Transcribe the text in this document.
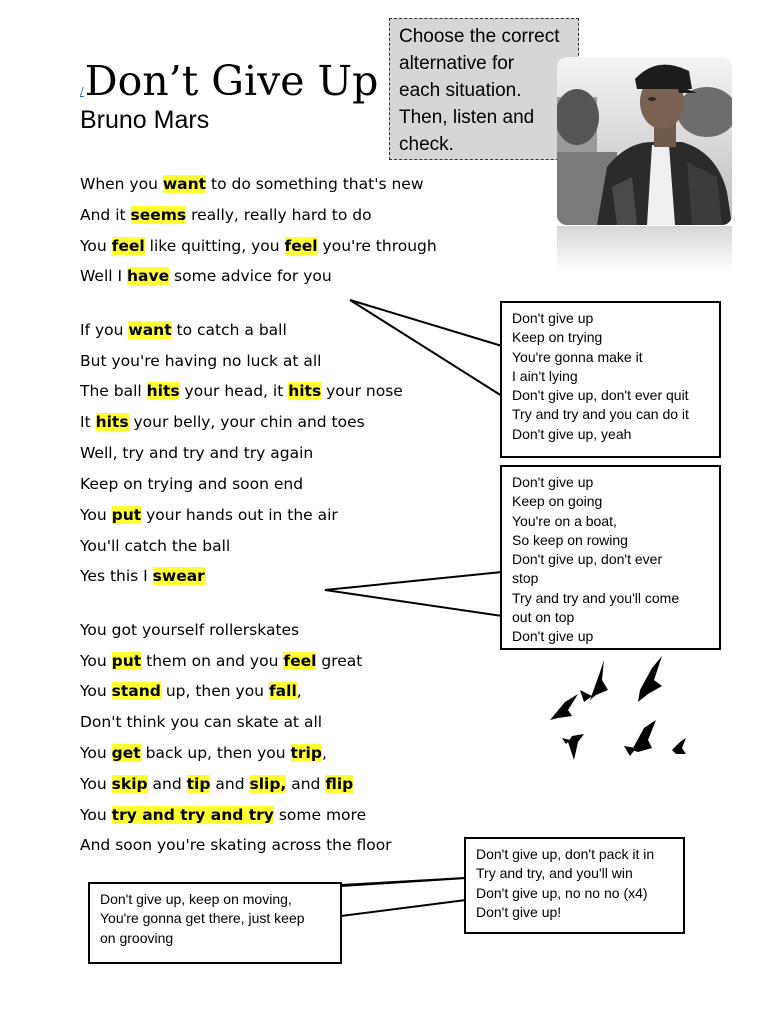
/Don’t Give Up
Bruno Mars
Choose the correct
alternative for
each situation.
Then, listen and
check.
When you want to do something that's new
And it seems really, really hard to do
You feel like quitting, you feel you're through
Well I have some advice for you
If you want to catch a ball
But you're having no luck at all
The ball hits your head, it hits your nose
It hits your belly, your chin and toes
Well, try and try and try again
Keep on trying and soon end
You put your hands out in the air
You'll catch the ball
Yes this I swear
You got yourself rollerskates
You put them on and you feel great
You stand up, then you fall,
Don't think you can skate at all
You get back up, then you trip,
You skip and tip and slip, and flip
You try and try and try some more
And soon you're skating across the floor
Don't give up
Keep on trying
You're gonna make it
I ain't lying
Don't give up, don't ever quit
Try and try and you can do it
Don't give up, yeah
Don't give up
Keep on going
You're on a boat,
So keep on rowing
Don't give up, don't ever
stop
Try and try and you'll come
out on top
Don't give up
Don't give up, don't pack it in
Try and try, and you'll win
Don't give up, no no no (x4)
Don't give up!
Don't give up, keep on moving,
You're gonna get there, just keep
on grooving
